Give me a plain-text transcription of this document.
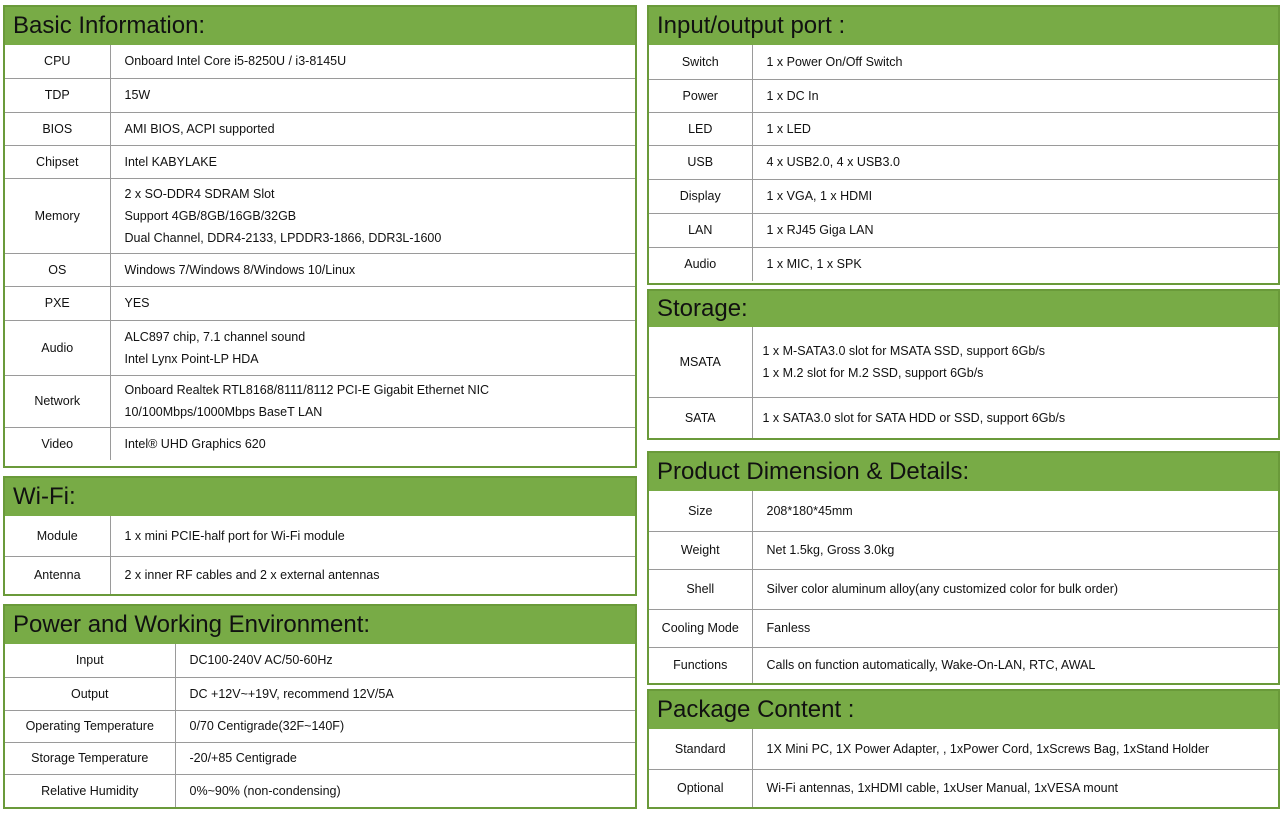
Basic Information:
CPU	Onboard Intel Core i5-8250U / i3-8145U

TDP	15W

BIOS	AMI BIOS, ACPI supported

Chipset	Intel KABYLAKE

Memory	2 x SO-DDR4 SDRAM Slot
Support 4GB/8GB/16GB/32GB
Dual Channel, DDR4-2133, LPDDR3-1866, DDR3L-1600

OS	Windows 7/Windows 8/Windows 10/Linux

PXE	YES

Audio	ALC897 chip, 7.1 channel sound
Intel Lynx Point-LP HDA

Network	Onboard Realtek RTL8168/8111/8112 PCI-E Gigabit Ethernet NIC
10/100Mbps/1000Mbps BaseT LAN

Video	Intel® UHD Graphics 620
Wi-Fi:
Module	1 x mini PCIE-half port for Wi-Fi module

Antenna	2 x inner RF cables and 2 x external antennas
Power and Working Environment:
Input	DC100-240V AC/50-60Hz

Output	DC +12V~+19V, recommend 12V/5A

Operating Temperature	0/70 Centigrade(32F~140F)

Storage Temperature	-20/+85 Centigrade

Relative Humidity	0%~90% (non-condensing)
Input/output port :
Switch	1 x Power On/Off Switch

Power	1 x DC In

LED	1 x LED

USB	4 x USB2.0, 4 x USB3.0

Display	1 x VGA, 1 x HDMI

LAN	1 x RJ45 Giga LAN

Audio	1 x MIC, 1 x SPK
Storage:
MSATA	1 x M-SATA3.0 slot for MSATA SSD, support 6Gb/s
1 x M.2 slot for M.2 SSD, support 6Gb/s

SATA	1 x SATA3.0 slot for SATA HDD or SSD, support 6Gb/s
Product Dimension & Details:
Size	208*180*45mm

Weight	Net 1.5kg, Gross 3.0kg

Shell	Silver color aluminum alloy(any customized color for bulk order)

Cooling Mode	Fanless

Functions	Calls on function automatically, Wake-On-LAN, RTC, AWAL
Package Content :
Standard	1X Mini PC, 1X Power Adapter, , 1xPower Cord, 1xScrews Bag, 1xStand Holder

Optional	Wi-Fi antennas, 1xHDMI cable, 1xUser Manual, 1xVESA mount
